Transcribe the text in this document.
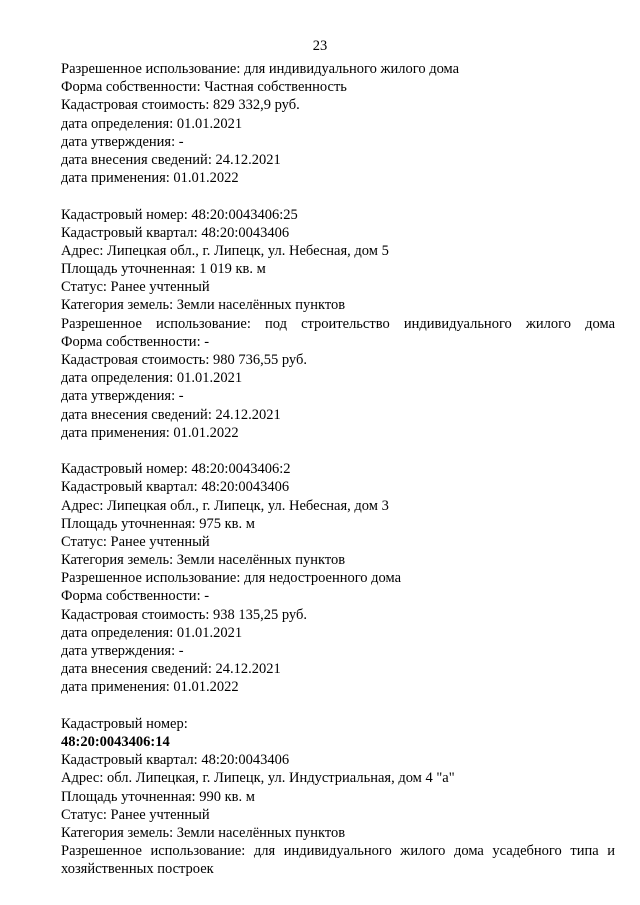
23
Разрешенное использование: для индивидуального жилого дома
Форма собственности: Частная собственность
Кадастровая стоимость: 829 332,9 руб.
дата определения: 01.01.2021
дата утверждения: -
дата внесения сведений: 24.12.2021
дата применения: 01.01.2022
Кадастровый номер: 48:20:0043406:25
Кадастровый квартал: 48:20:0043406
Адрес: Липецкая обл., г. Липецк, ул. Небесная, дом 5
Площадь уточненная: 1 019 кв. м
Статус: Ранее учтенный
Категория земель: Земли населённых пунктов
Разрешенное использование: под строительство индивидуального жилого дома
Форма собственности: -
Кадастровая стоимость: 980 736,55 руб.
дата определения: 01.01.2021
дата утверждения: -
дата внесения сведений: 24.12.2021
дата применения: 01.01.2022
Кадастровый номер: 48:20:0043406:2
Кадастровый квартал: 48:20:0043406
Адрес: Липецкая обл., г. Липецк, ул. Небесная, дом 3
Площадь уточненная: 975 кв. м
Статус: Ранее учтенный
Категория земель: Земли населённых пунктов
Разрешенное использование: для недостроенного дома
Форма собственности: -
Кадастровая стоимость: 938 135,25 руб.
дата определения: 01.01.2021
дата утверждения: -
дата внесения сведений: 24.12.2021
дата применения: 01.01.2022
Кадастровый номер:
48:20:0043406:14
Кадастровый квартал: 48:20:0043406
Адрес: обл. Липецкая, г. Липецк, ул. Индустриальная, дом 4 "а"
Площадь уточненная: 990 кв. м
Статус: Ранее учтенный
Категория земель: Земли населённых пунктов
Разрешенное использование: для индивидуального жилого дома усадебного типа и хозяйственных построек
